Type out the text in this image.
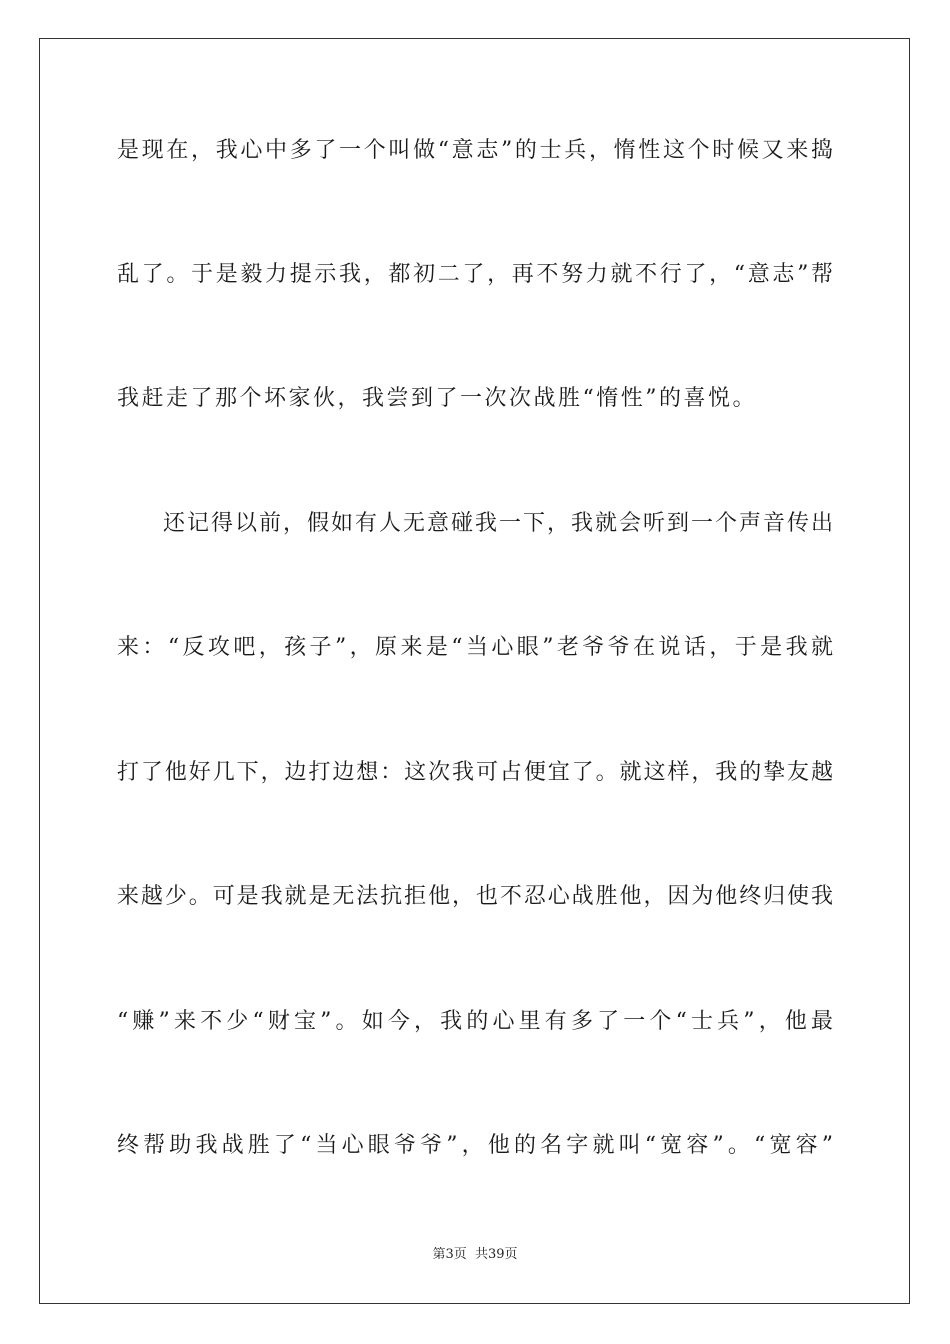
是现在，我心中多了一个叫做“意志”的士兵，惰性这个时候又来捣
乱了。于是毅力提示我，都初二了，再不努力就不行了，“意志”帮
我赶走了那个坏家伙，我尝到了一次次战胜“惰性”的喜悦。
还记得以前，假如有人无意碰我一下，我就会听到一个声音传出
来：“反攻吧，孩子”，原来是“当心眼”老爷爷在说话，于是我就
打了他好几下，边打边想：这次我可占便宜了。就这样，我的挚友越
来越少。可是我就是无法抗拒他，也不忍心战胜他，因为他终归使我
“赚”来不少“财宝”。如今，我的心里有多了一个“士兵”，他最
终帮助我战胜了“当心眼爷爷”，他的名字就叫“宽容”。“宽容”
第3页  共39页
